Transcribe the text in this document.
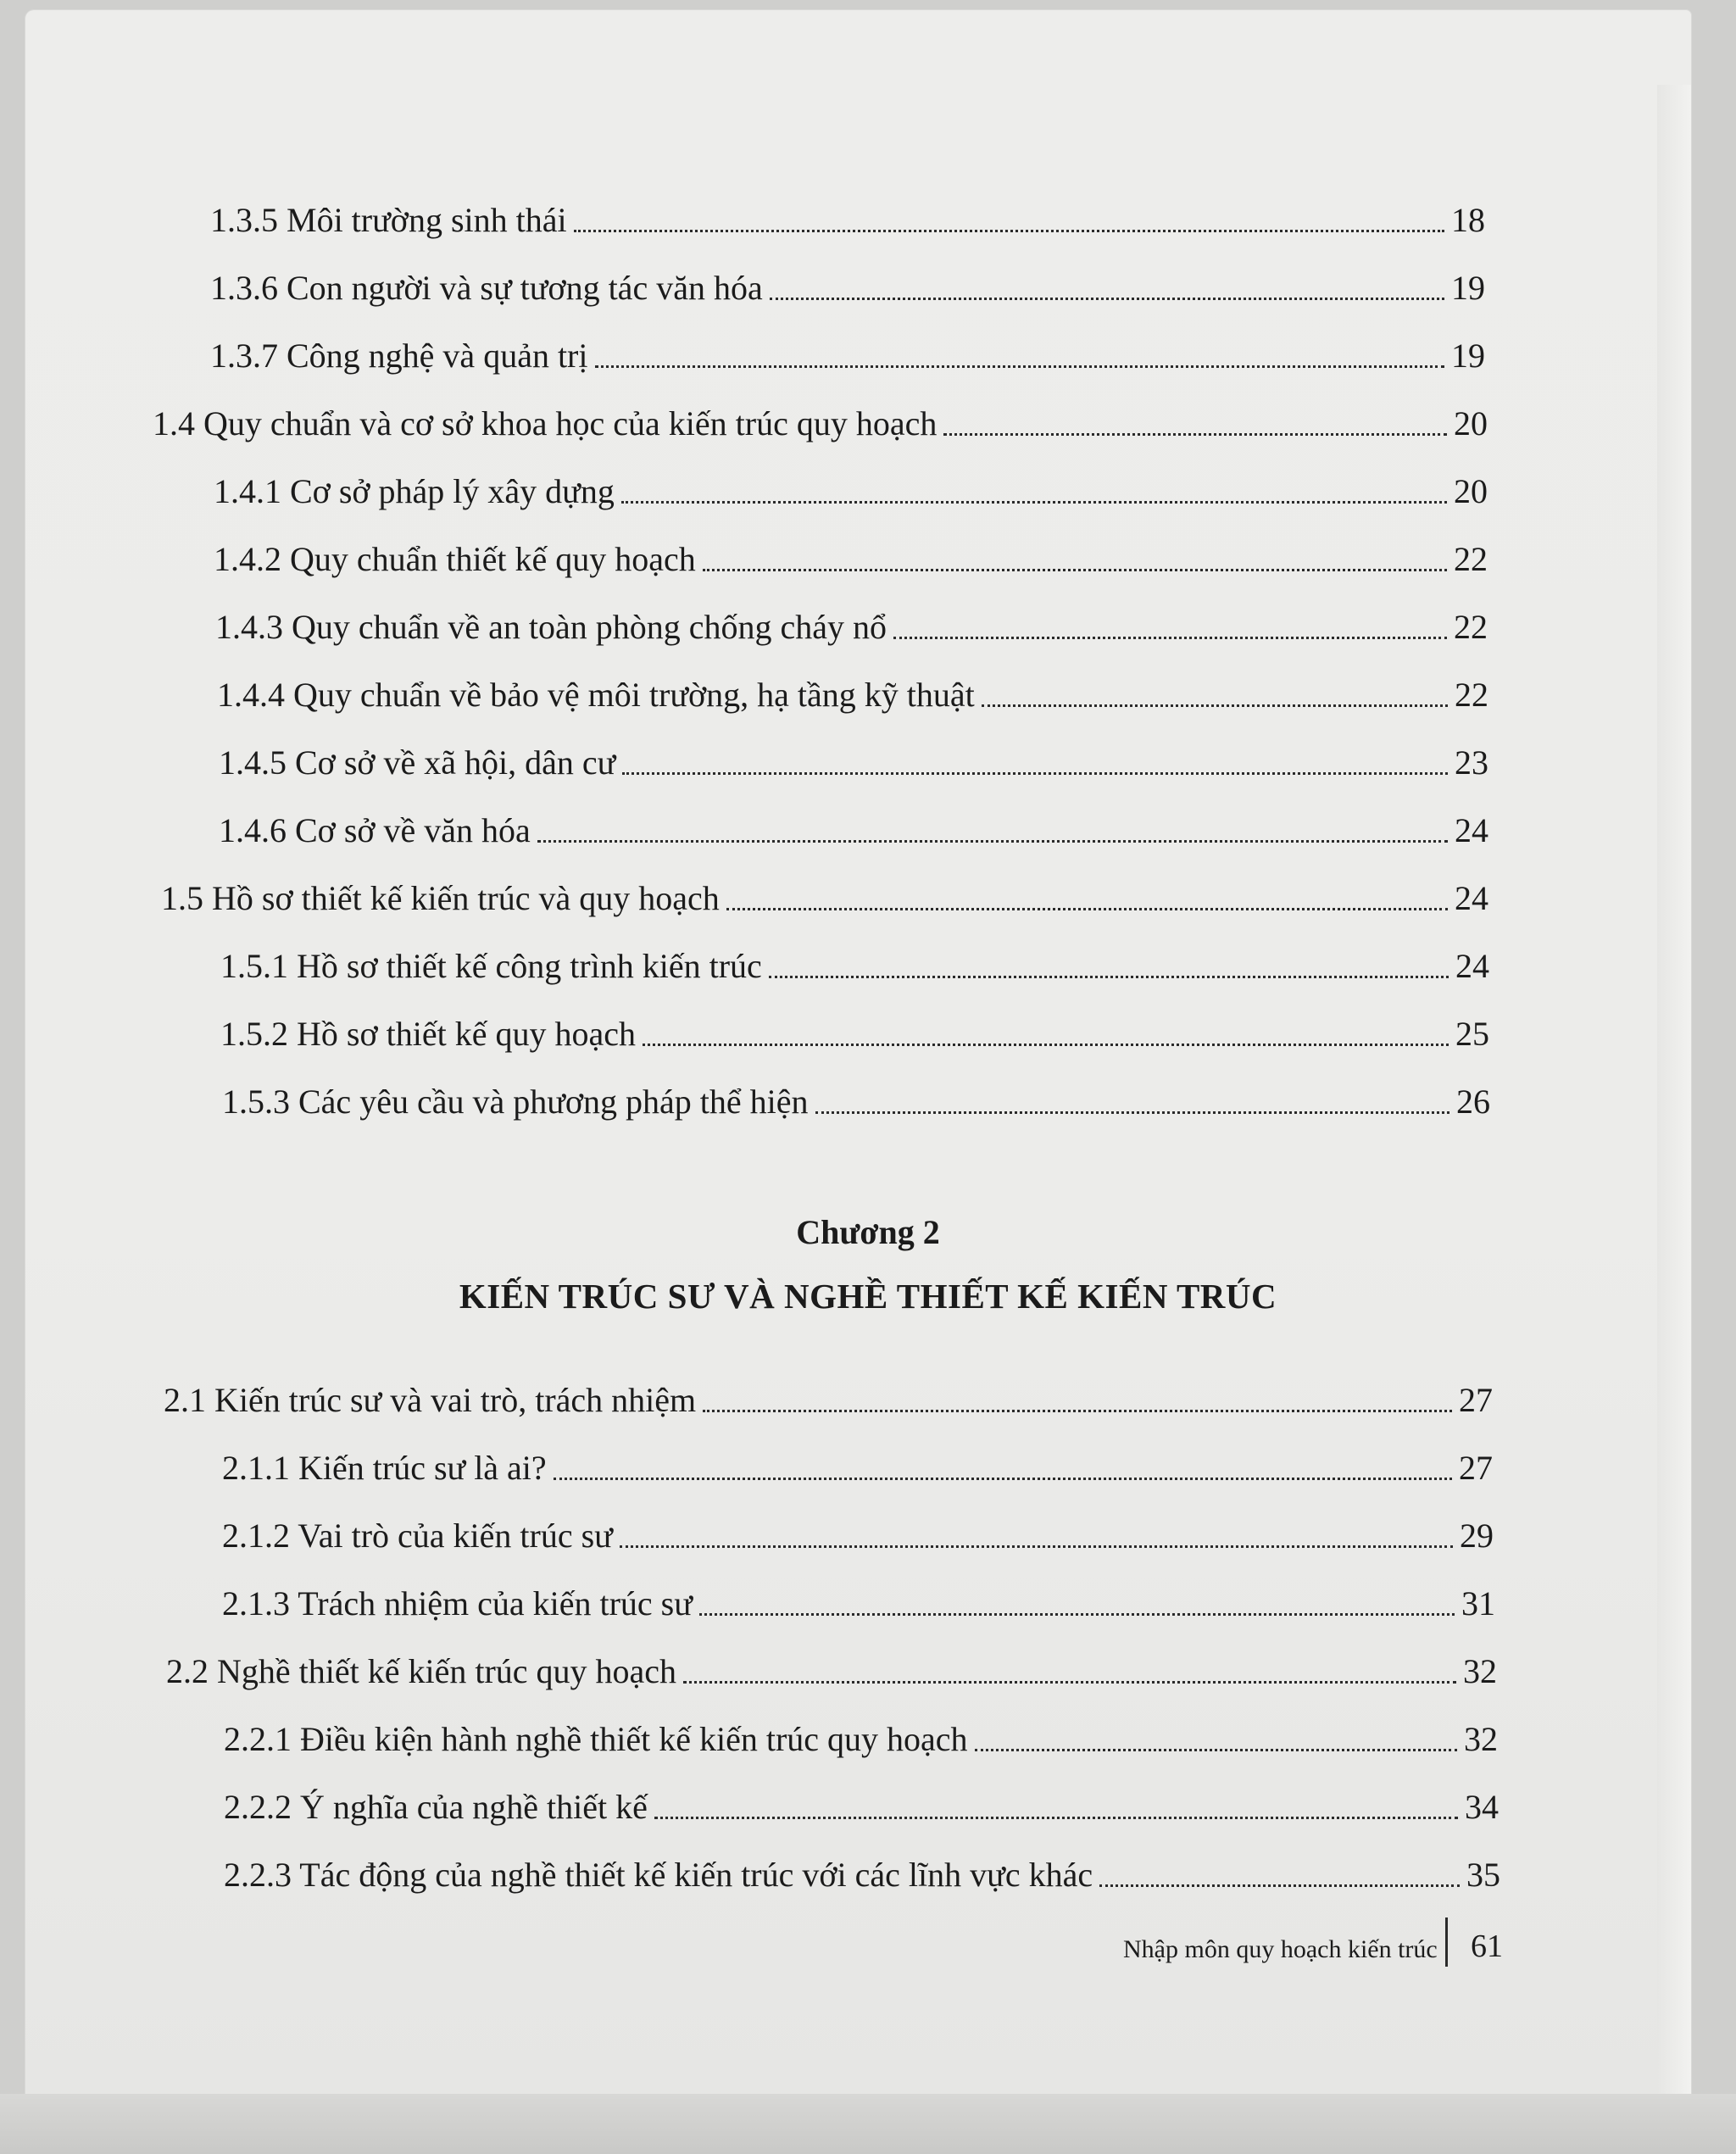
1.3.5 Môi trường sinh thái	18
1.3.6 Con người và sự tương tác văn hóa	19
1.3.7 Công nghệ và quản trị	19
1.4 Quy chuẩn và cơ sở khoa học của kiến trúc quy hoạch	20
1.4.1 Cơ sở pháp lý xây dựng	20
1.4.2 Quy chuẩn thiết kế quy hoạch	22
1.4.3 Quy chuẩn về an toàn phòng chống cháy nổ	22
1.4.4 Quy chuẩn về bảo vệ môi trường, hạ tầng kỹ thuật	22
1.4.5 Cơ sở về xã hội, dân cư	23
1.4.6 Cơ sở về văn hóa	24
1.5 Hồ sơ thiết kế kiến trúc và quy hoạch	24
1.5.1 Hồ sơ thiết kế công trình kiến trúc	24
1.5.2 Hồ sơ thiết kế quy hoạch	25
1.5.3 Các yêu cầu và phương pháp thể hiện	26
Chương 2
KIẾN TRÚC SƯ VÀ NGHỀ THIẾT KẾ KIẾN TRÚC
2.1 Kiến trúc sư và vai trò, trách nhiệm	27
2.1.1 Kiến trúc sư là ai?	27
2.1.2 Vai trò của kiến trúc sư	29
2.1.3 Trách nhiệm của kiến trúc sư	31
2.2 Nghề thiết kế kiến trúc quy hoạch	32
2.2.1 Điều kiện hành nghề thiết kế kiến trúc quy hoạch	32
2.2.2 Ý nghĩa của nghề thiết kế	34
2.2.3 Tác động của nghề thiết kế kiến trúc với các lĩnh vực khác	35
Nhập môn quy hoạch kiến trúc 61
